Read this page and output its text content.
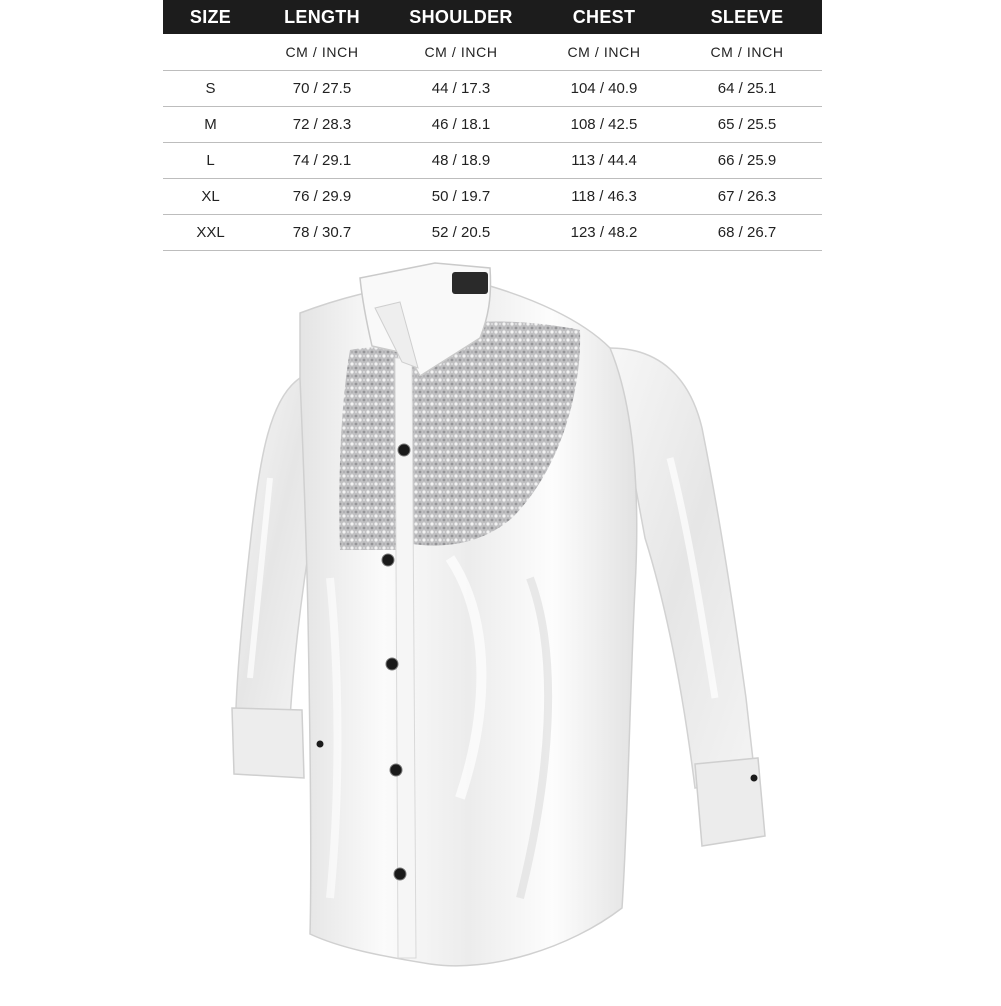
SIZE	LENGTH	SHOULDER	CHEST	SLEEVE
	CM / INCH	CM / INCH	CM / INCH	CM / INCH
S	70 / 27.5	44 / 17.3	104 / 40.9	64 / 25.1
M	72 / 28.3	46 / 18.1	108 / 42.5	65 / 25.5
L	74 / 29.1	48 / 18.9	113 / 44.4	66 / 25.9
XL	76 / 29.9	50 / 19.7	118 / 46.3	67 / 26.3
XXL	78 / 30.7	52 / 20.5	123 / 48.2	68 / 26.7
